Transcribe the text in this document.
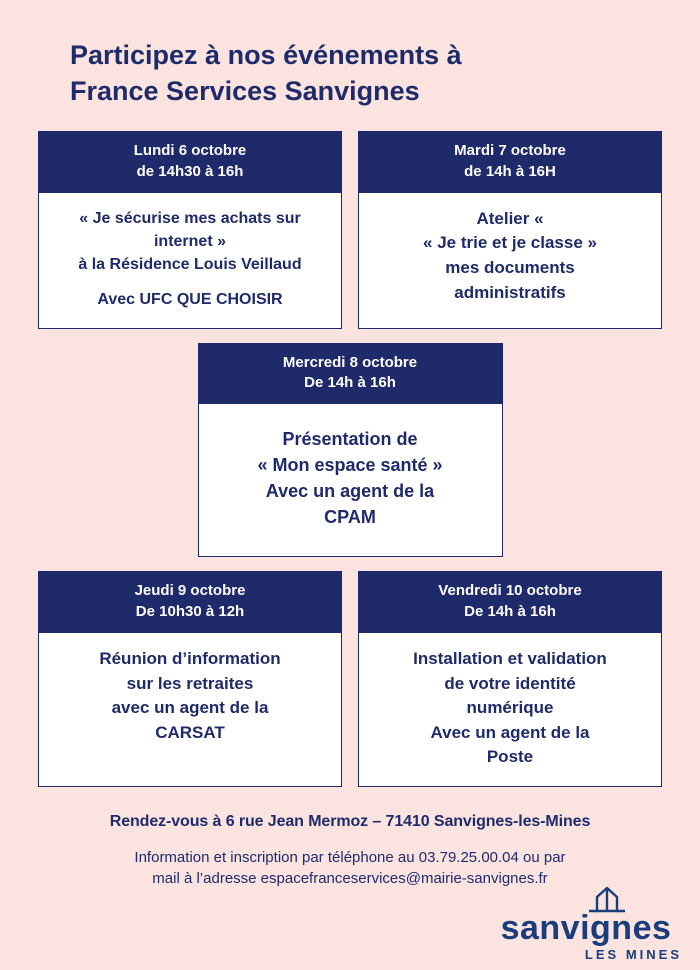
Participez à nos événements à
France Services Sanvignes
Lundi 6 octobre
de 14h30 à 16h
« Je sécurise mes achats sur
internet »
à la Résidence Louis Veillaud
Avec UFC QUE CHOISIR
Mardi 7 octobre
de 14h à 16H
Atelier «
« Je trie et je classe »
mes documents
administratifs
Mercredi 8 octobre
De 14h à 16h
Présentation de
« Mon espace santé »
Avec un agent de la
CPAM
Jeudi 9 octobre
De 10h30 à 12h
Réunion d’information
sur les retraites
avec un agent de la
CARSAT
Vendredi 10 octobre
De 14h à 16h
Installation et validation
de votre identité
numérique
Avec un agent de la
Poste
Rendez-vous à 6 rue Jean Mermoz – 71410 Sanvignes-les-Mines
Information et inscription par téléphone au 03.79.25.00.04 ou par
mail à l’adresse espacefranceservices@mairie-sanvignes.fr
sanvignes
LES MINES
